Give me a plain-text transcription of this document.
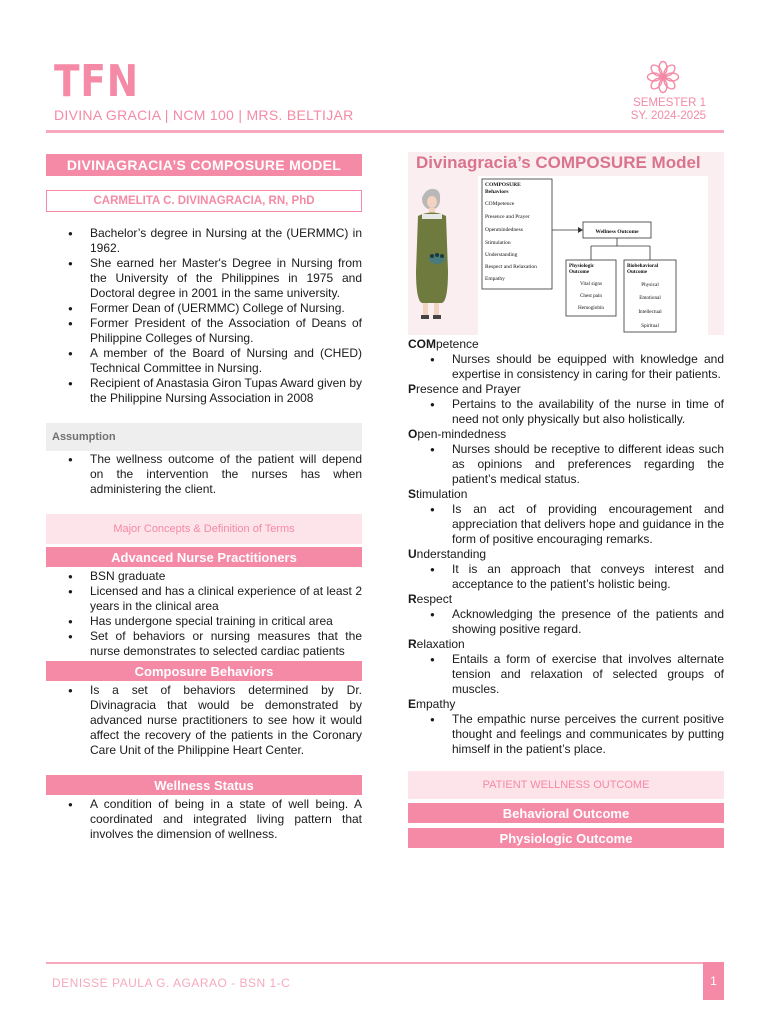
TFN
DIVINA GRACIA | NCM 100 | MRS. BELTIJAR
SEMESTER 1
SY. 2024-2025
DIVINAGRACIA’S COMPOSURE MODEL
CARMELITA C. DIVINAGRACIA, RN, PhD
● Bachelor’s degree in Nursing at the (UERMMC) in 1962.
● She earned her Master's Degree in Nursing from the University of the Philippines in 1975 and Doctoral degree in 2001 in the same university.
● Former Dean of (UERMMC) College of Nursing.
● Former President of the Association of Deans of Philippine Colleges of Nursing.
● A member of the Board of Nursing and (CHED) Technical Committee in Nursing.
● Recipient of Anastasia Giron Tupas Award given by the Philippine Nursing Association in 2008
Assumption
● The wellness outcome of the patient will depend on the intervention the nurses has when administering the client.
Major Concepts & Definition of Terms
Advanced Nurse Practitioners
● BSN graduate
● Licensed and has a clinical experience of at least 2 years in the clinical area
● Has undergone special training in critical area
● Set of behaviors or nursing measures that the nurse demonstrates to selected cardiac patients
Composure Behaviors
● Is a set of behaviors determined by Dr. Divinagracia that would be demonstrated by advanced nurse practitioners to see how it would affect the recovery of the patients in the Coronary Care Unit of the Philippine Heart Center.
Wellness Status
● A condition of being in a state of well being. A coordinated and integrated living pattern that involves the dimension of wellness.
Divinagracia’s COMPOSURE Model
COMPOSURE
Behaviors
COMpetence
Presence and Prayer
Openmindedness
Stimulation
Understanding
Respect and Relaxation
Empathy
Wellness Outcome
Physiologic
Outcome
Vital signs
Chest pain
Hemoglobin
Biobehavioral
Outcome
Physical
Emotional
Intellectual
Spiritual
COMpetence
● Nurses should be equipped with knowledge and expertise in consistency in caring for their patients.
Presence and Prayer
● Pertains to the availability of the nurse in time of need not only physically but also holistically.
Open-mindedness
● Nurses should be receptive to different ideas such as opinions and preferences regarding the patient’s medical status.
Stimulation
● Is an act of providing encouragement and appreciation that delivers hope and guidance in the form of positive encouraging remarks.
Understanding
● It is an approach that conveys interest and acceptance to the patient’s holistic being.
Respect
● Acknowledging the presence of the patients and showing positive regard.
Relaxation
● Entails a form of exercise that involves alternate tension and relaxation of selected groups of muscles.
Empathy
● The empathic nurse perceives the current positive thought and feelings and communicates by putting himself in the patient’s place.
PATIENT WELLNESS OUTCOME
Behavioral Outcome
Physiologic Outcome
DENISSE PAULA G. AGARAO - BSN 1-C	1
